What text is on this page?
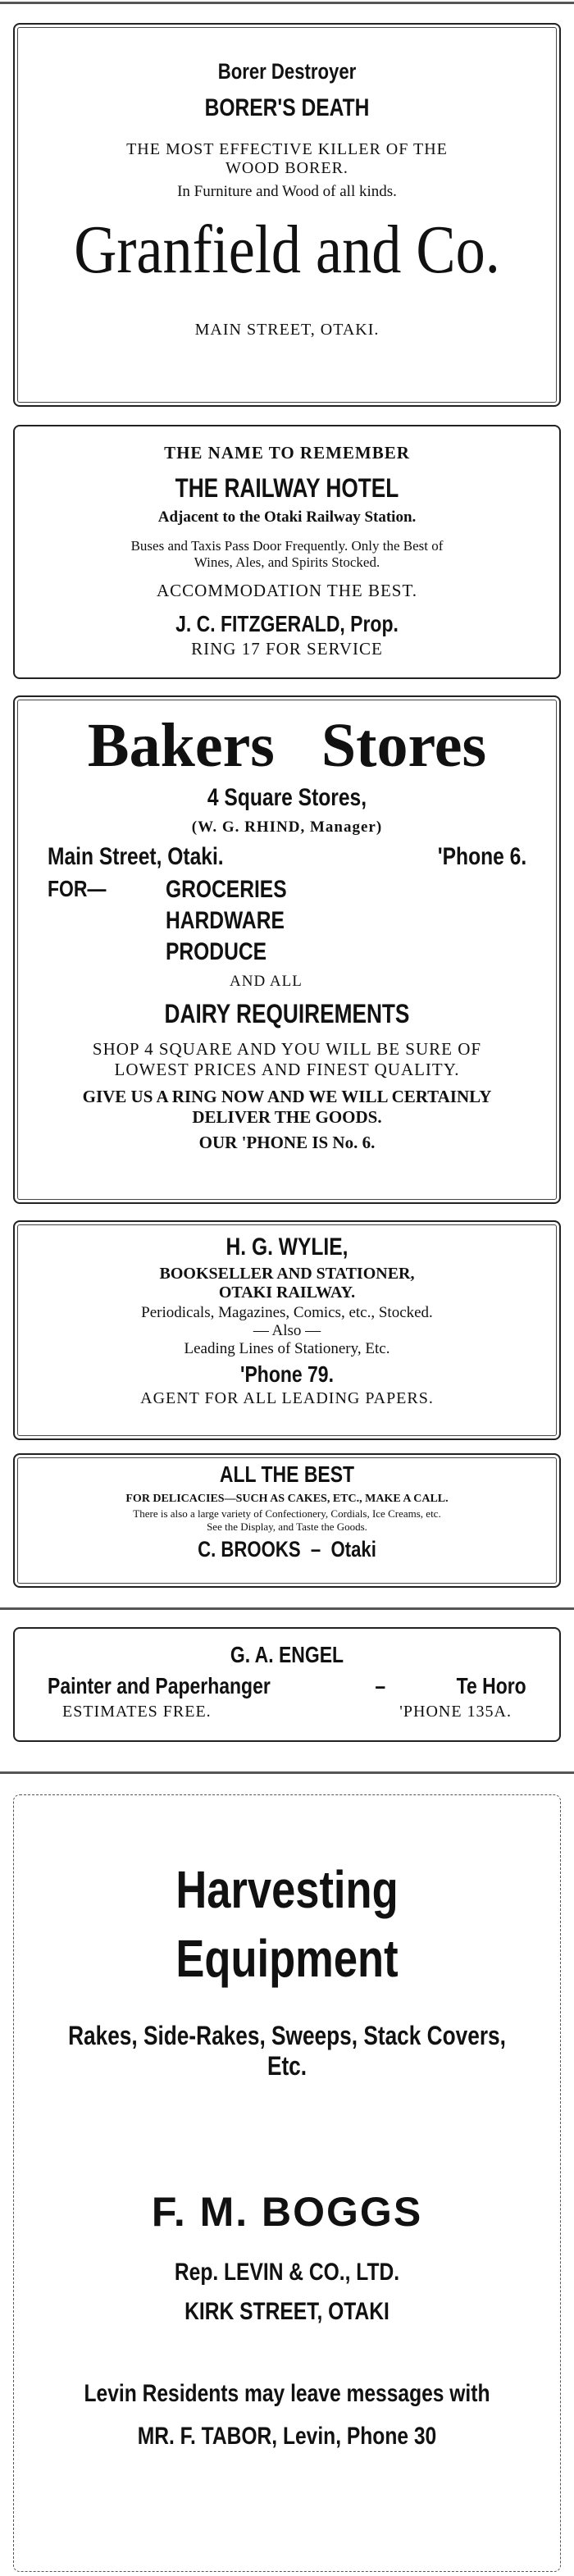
Borer Destroyer
BORER'S DEATH
THE MOST EFFECTIVE KILLER OF THE
WOOD BORER.
In Furniture and Wood of all kinds.
Granfield and Co.
MAIN STREET, OTAKI.
THE NAME TO REMEMBER
THE RAILWAY HOTEL
Adjacent to the Otaki Railway Station.
Buses and Taxis Pass Door Frequently. Only the Best of
Wines, Ales, and Spirits Stocked.
ACCOMMODATION THE BEST.
J. C. FITZGERALD, Prop.
RING 17 FOR SERVICE
Bakers   Stores
4 Square Stores,
(W. G. RHIND, Manager)
Main Street, Otaki.	'Phone 6.
FOR— GROCERIES
HARDWARE
PRODUCE
AND ALL
DAIRY REQUIREMENTS
SHOP 4 SQUARE AND YOU WILL BE SURE OF
LOWEST PRICES AND FINEST QUALITY.
GIVE US A RING NOW AND WE WILL CERTAINLY
DELIVER THE GOODS.
OUR 'PHONE IS No. 6.
H. G. WYLIE,
BOOKSELLER AND STATIONER,
OTAKI RAILWAY.
Periodicals, Magazines, Comics, etc., Stocked.
— Also —
Leading Lines of Stationery, Etc.
'Phone 79.
AGENT FOR ALL LEADING PAPERS.
ALL THE BEST
FOR DELICACIES—SUCH AS CAKES, ETC., MAKE A CALL.
There is also a large variety of Confectionery, Cordials, Ice Creams, etc.
See the Display, and Taste the Goods.
C. BROOKS  –  Otaki
G. A. ENGEL
Painter and Paperhanger	–	Te Horo
ESTIMATES FREE.	'PHONE 135A.
Harvesting
Equipment
Rakes, Side-Rakes, Sweeps, Stack Covers, Etc.
F. M. BOGGS
Rep. LEVIN & CO., LTD.
KIRK STREET, OTAKI
Levin Residents may leave messages with
MR. F. TABOR, Levin, Phone 30
